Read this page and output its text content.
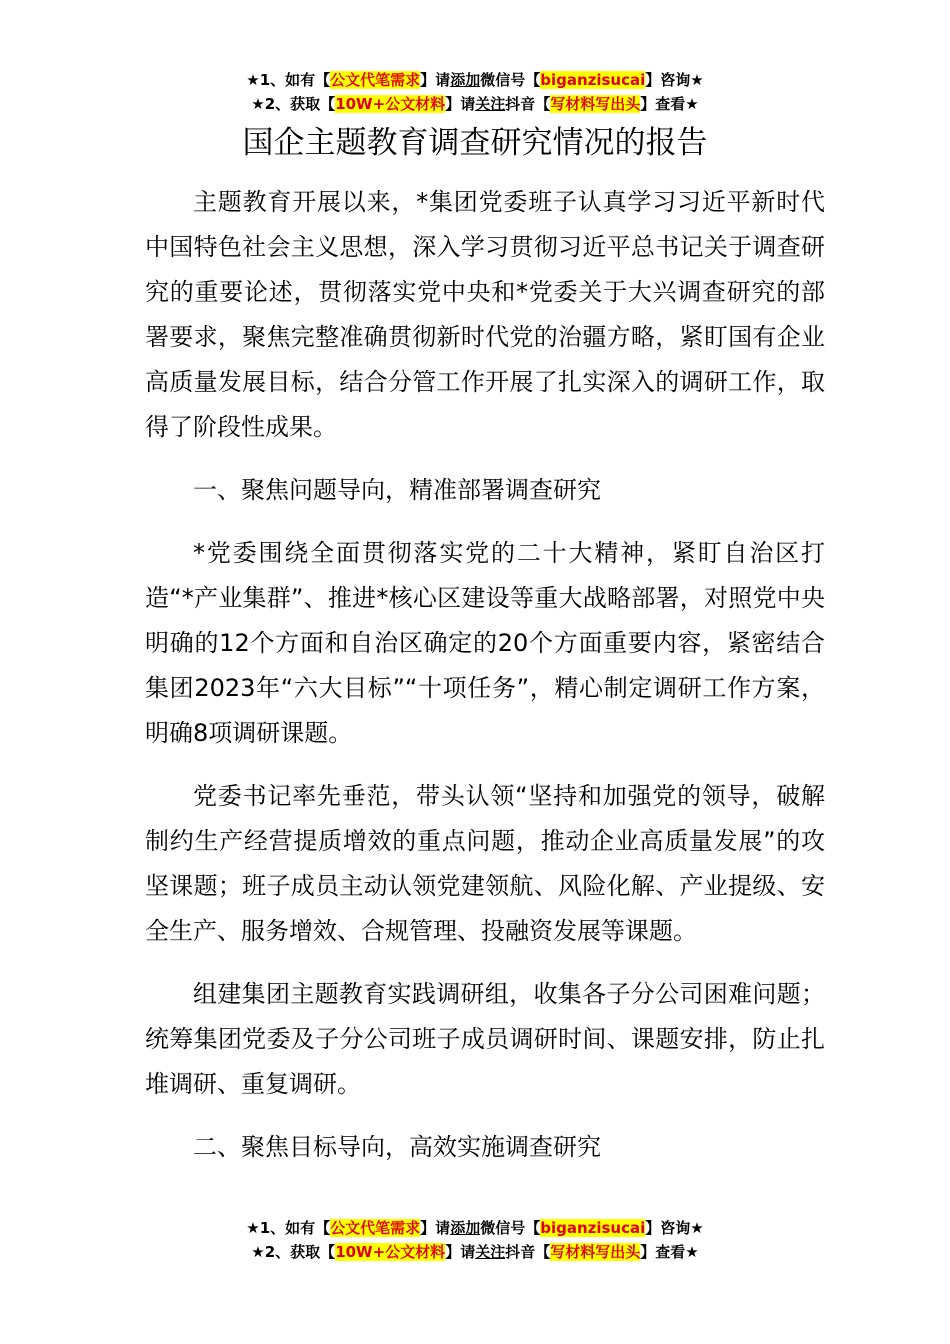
★1、如有【公文代笔需求】请添加微信号【biganzisucai】咨询★
★2、获取【10W+公文材料】请关注抖音【写材料写出头】查看★
国企主题教育调查研究情况的报告

主题教育开展以来，*集团党委班子认真学习习近平新时代中国特色社会主义思想，深入学习贯彻习近平总书记关于调查研究的重要论述，贯彻落实党中央和*党委关于大兴调查研究的部署要求，聚焦完整准确贯彻新时代党的治疆方略，紧盯国有企业高质量发展目标，结合分管工作开展了扎实深入的调研工作，取得了阶段性成果。

一、聚焦问题导向，精准部署调查研究

*党委围绕全面贯彻落实党的二十大精神，紧盯自治区打造“*产业集群”、推进*核心区建设等重大战略部署，对照党中央明确的12个方面和自治区确定的20个方面重要内容，紧密结合集团2023年“六大目标”“十项任务”，精心制定调研工作方案，明确8项调研课题。

党委书记率先垂范，带头认领“坚持和加强党的领导，破解制约生产经营提质增效的重点问题，推动企业高质量发展”的攻坚课题；班子成员主动认领党建领航、风险化解、产业提级、安全生产、服务增效、合规管理、投融资发展等课题。

组建集团主题教育实践调研组，收集各子分公司困难问题；统筹集团党委及子分公司班子成员调研时间、课题安排，防止扎堆调研、重复调研。

二、聚焦目标导向，高效实施调查研究

★1、如有【公文代笔需求】请添加微信号【biganzisucai】咨询★
★2、获取【10W+公文材料】请关注抖音【写材料写出头】查看★
